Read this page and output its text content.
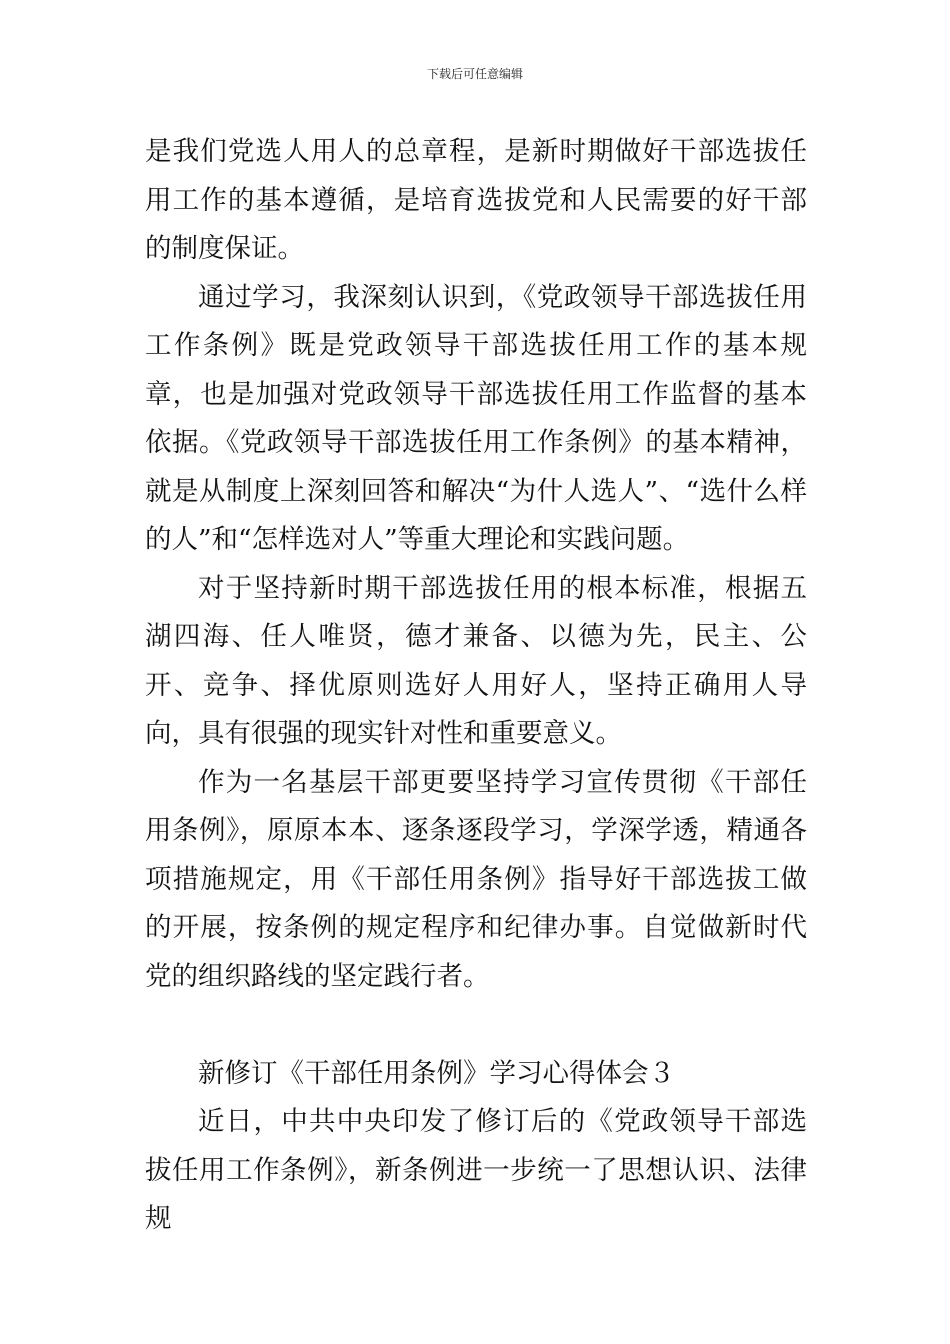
下载后可任意编辑

是我们党选人用人的总章程，是新时期做好干部选拔任用工作的基本遵循，是培育选拔党和人民需要的好干部的制度保证。

通过学习，我深刻认识到，《党政领导干部选拔任用工作条例》既是党政领导干部选拔任用工作的基本规章，也是加强对党政领导干部选拔任用工作监督的基本依据。《党政领导干部选拔任用工作条例》的基本精神，就是从制度上深刻回答和解决“为什人选人”、“选什么样的人”和“怎样选对人”等重大理论和实践问题。

对于坚持新时期干部选拔任用的根本标准，根据五湖四海、任人唯贤，德才兼备、以德为先，民主、公开、竞争、择优原则选好人用好人，坚持正确用人导向，具有很强的现实针对性和重要意义。

作为一名基层干部更要坚持学习宣传贯彻《干部任用条例》，原原本本、逐条逐段学习，学深学透，精通各项措施规定，用《干部任用条例》指导好干部选拔工做的开展，按条例的规定程序和纪律办事。自觉做新时代党的组织路线的坚定践行者。

新修订《干部任用条例》学习心得体会３

近日，中共中央印发了修订后的《党政领导干部选拔任用工作条例》，新条例进一步统一了思想认识、法律规
